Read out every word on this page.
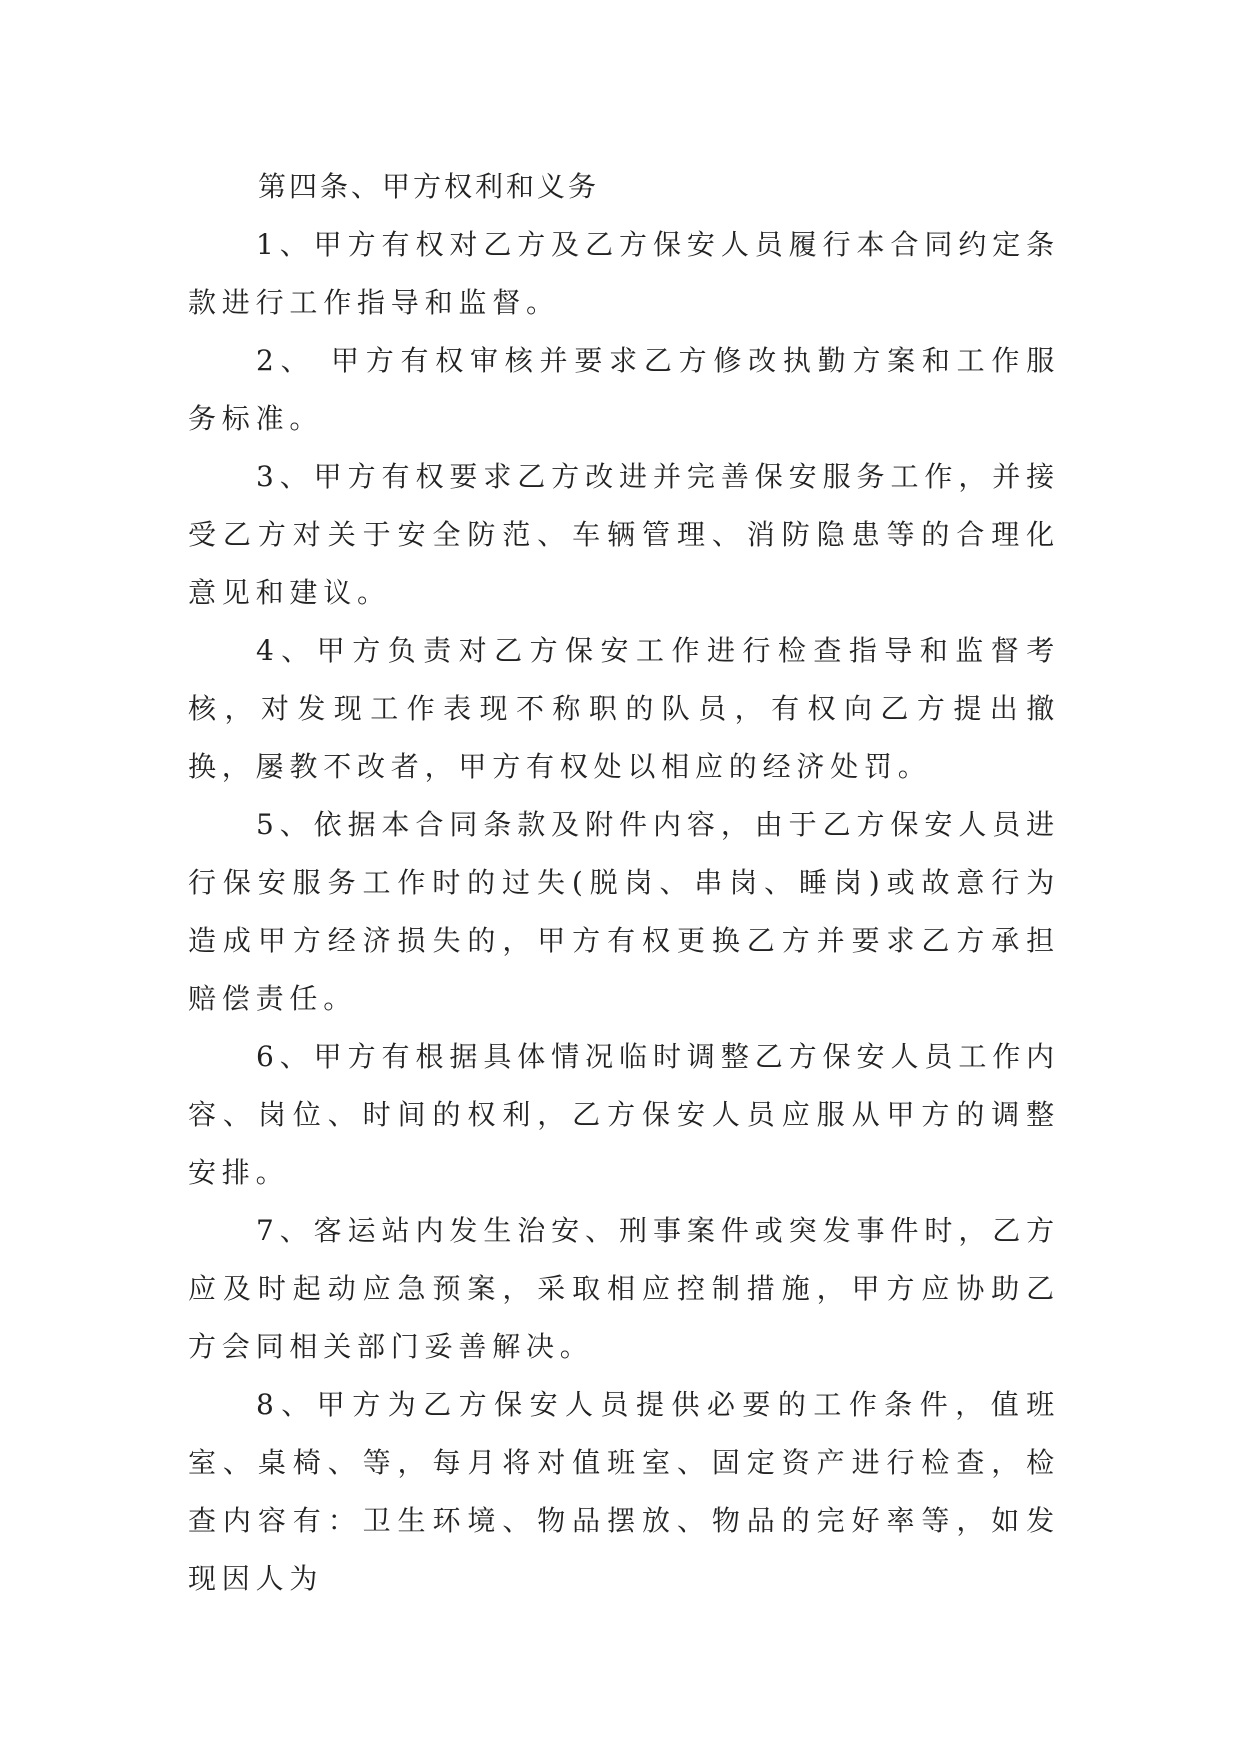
第四条、甲方权利和义务

1、甲方有权对乙方及乙方保安人员履行本合同约定条款进行工作指导和监督。

2、 甲方有权审核并要求乙方修改执勤方案和工作服务标准。

3、甲方有权要求乙方改进并完善保安服务工作，并接受乙方对关于安全防范、车辆管理、消防隐患等的合理化意见和建议。

4、甲方负责对乙方保安工作进行检查指导和监督考核，对发现工作表现不称职的队员，有权向乙方提出撤换，屡教不改者，甲方有权处以相应的经济处罚。

5、依据本合同条款及附件内容，由于乙方保安人员进行保安服务工作时的过失(脱岗、串岗、睡岗)或故意行为造成甲方经济损失的，甲方有权更换乙方并要求乙方承担赔偿责任。

6、甲方有根据具体情况临时调整乙方保安人员工作内容、岗位、时间的权利，乙方保安人员应服从甲方的调整安排。

7、客运站内发生治安、刑事案件或突发事件时，乙方应及时起动应急预案，采取相应控制措施，甲方应协助乙方会同相关部门妥善解决。

8、甲方为乙方保安人员提供必要的工作条件，值班室、桌椅、等，每月将对值班室、固定资产进行检查，检查内容有：卫生环境、物品摆放、物品的完好率等，如发现因人为
